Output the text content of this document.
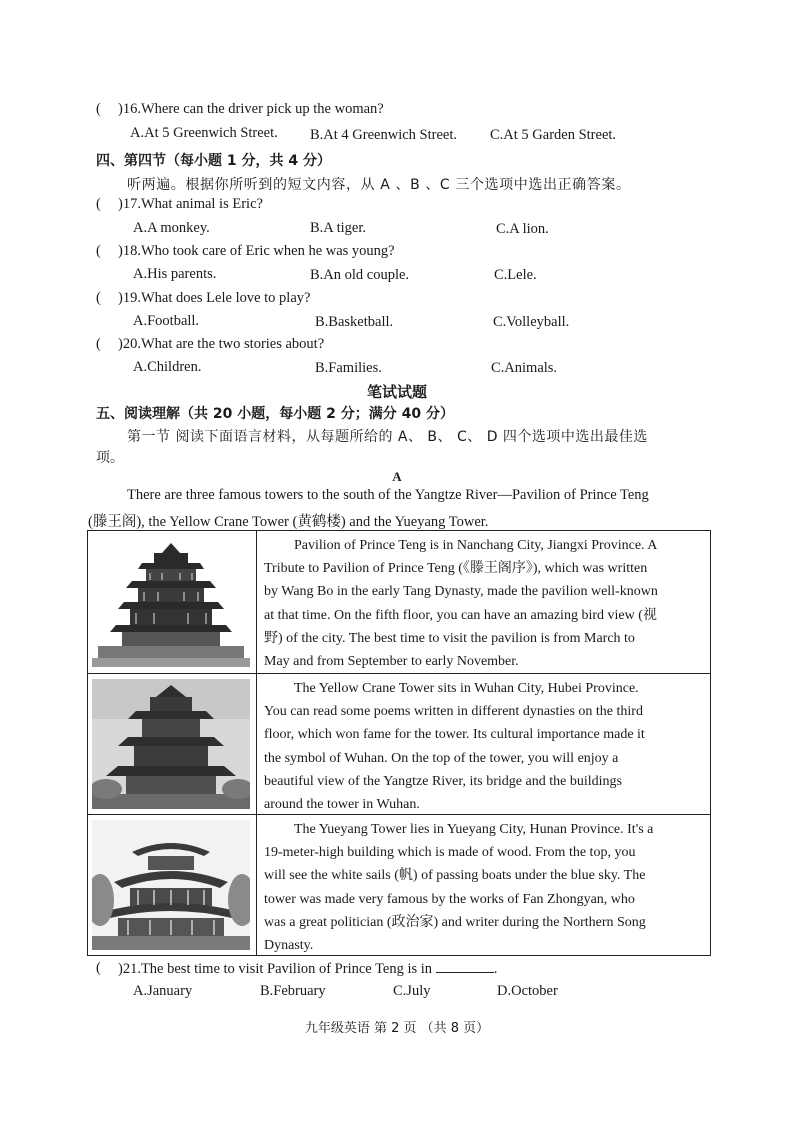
( )16.Where can the driver pick up the woman?
A.At 5 Greenwich Street. B.At 4 Greenwich Street. C.At 5 Garden Street.
四、第四节（每小题 1 分，共 4 分）
听两遍。根据你所听到的短文内容，从 A 、B 、C 三个选项中选出正确答案。
( )17.What animal is Eric?
A.A monkey.	B.A tiger.	C.A lion.
( )18.Who took care of Eric when he was young?
A.His parents.	B.An old couple.	C.Lele.
( )19.What does Lele love to play?
A.Football.	B.Basketball.	C.Volleyball.
( )20.What are the two stories about?
A.Children.	B.Families.	C.Animals.
笔试试题
五、阅读理解（共 20 小题，每小题 2 分；满分 40 分）
第一节 阅读下面语言材料，从每题所给的 A、 B、 C、 D 四个选项中选出最佳选
项。
A
There are three famous towers to the south of the Yangtze River—Pavilion of Prince Teng
(滕王阁), the Yellow Crane Tower (黄鹤楼) and the Yueyang Tower.
Pavilion of Prince Teng is in Nanchang City, Jiangxi Province. A
Tribute to Pavilion of Prince Teng (《滕王阁序》), which was written
by Wang Bo in the early Tang Dynasty, made the pavilion well-known
at that time. On the fifth floor, you can have an amazing bird view (视
野) of the city. The best time to visit the pavilion is from March to
May and from September to early November.
The Yellow Crane Tower sits in Wuhan City, Hubei Province.
You can read some poems written in different dynasties on the third
floor, which won fame for the tower. Its cultural importance made it
the symbol of Wuhan. On the top of the tower, you will enjoy a
beautiful view of the Yangtze River, its bridge and the buildings
around the tower in Wuhan.
The Yueyang Tower lies in Yueyang City, Hunan Province. It's a
19-meter-high building which is made of wood. From the top, you
will see the white sails (帆) of passing boats under the blue sky. The
tower was made very famous by the works of Fan Zhongyan, who
was a great politician (政治家) and writer during the Northern Song
Dynasty.
( )21.The best time to visit Pavilion of Prince Teng is in	.
A.January	B.February	C.July	D.October
九年级英语 第 2 页 （共 8 页）
